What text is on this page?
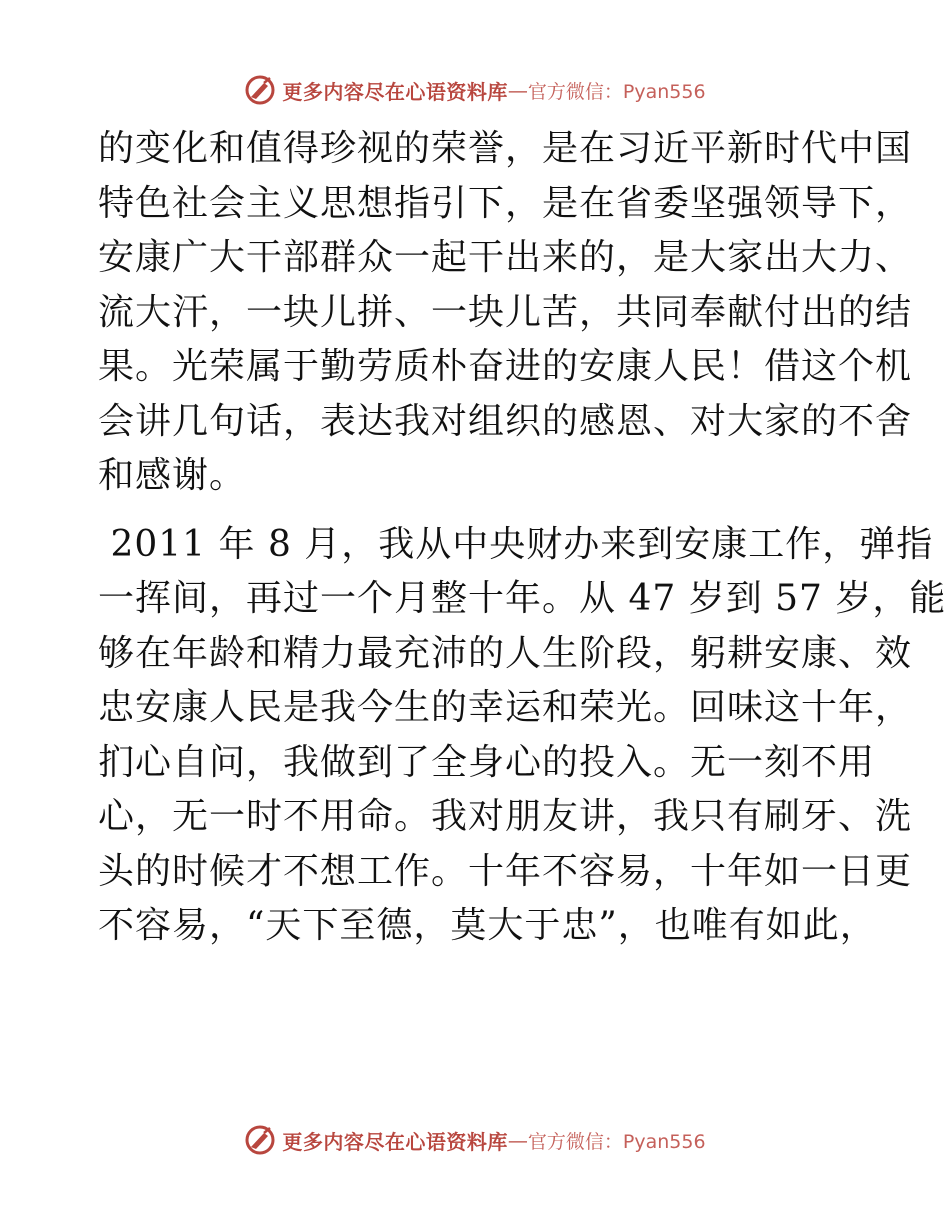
更多内容尽在心语资料库 — 官方微信：Pyan556

的变化和值得珍视的荣誉，是在习近平新时代中国
特色社会主义思想指引下，是在省委坚强领导下，
安康广大干部群众一起干出来的，是大家出大力、
流大汗，一块儿拼、一块儿苦，共同奉献付出的结
果。光荣属于勤劳质朴奋进的安康人民！借这个机
会讲几句话，表达我对组织的感恩、对大家的不舍
和感谢。

2011 年 8 月，我从中央财办来到安康工作，弹指
一挥间，再过一个月整十年。从 47 岁到 57 岁，能
够在年龄和精力最充沛的人生阶段，躬耕安康、效
忠安康人民是我今生的幸运和荣光。回味这十年，
扪心自问，我做到了全身心的投入。无一刻不用
心，无一时不用命。我对朋友讲，我只有刷牙、洗
头的时候才不想工作。十年不容易，十年如一日更
不容易，“天下至德，莫大于忠”，也唯有如此，

更多内容尽在心语资料库 — 官方微信：Pyan556
